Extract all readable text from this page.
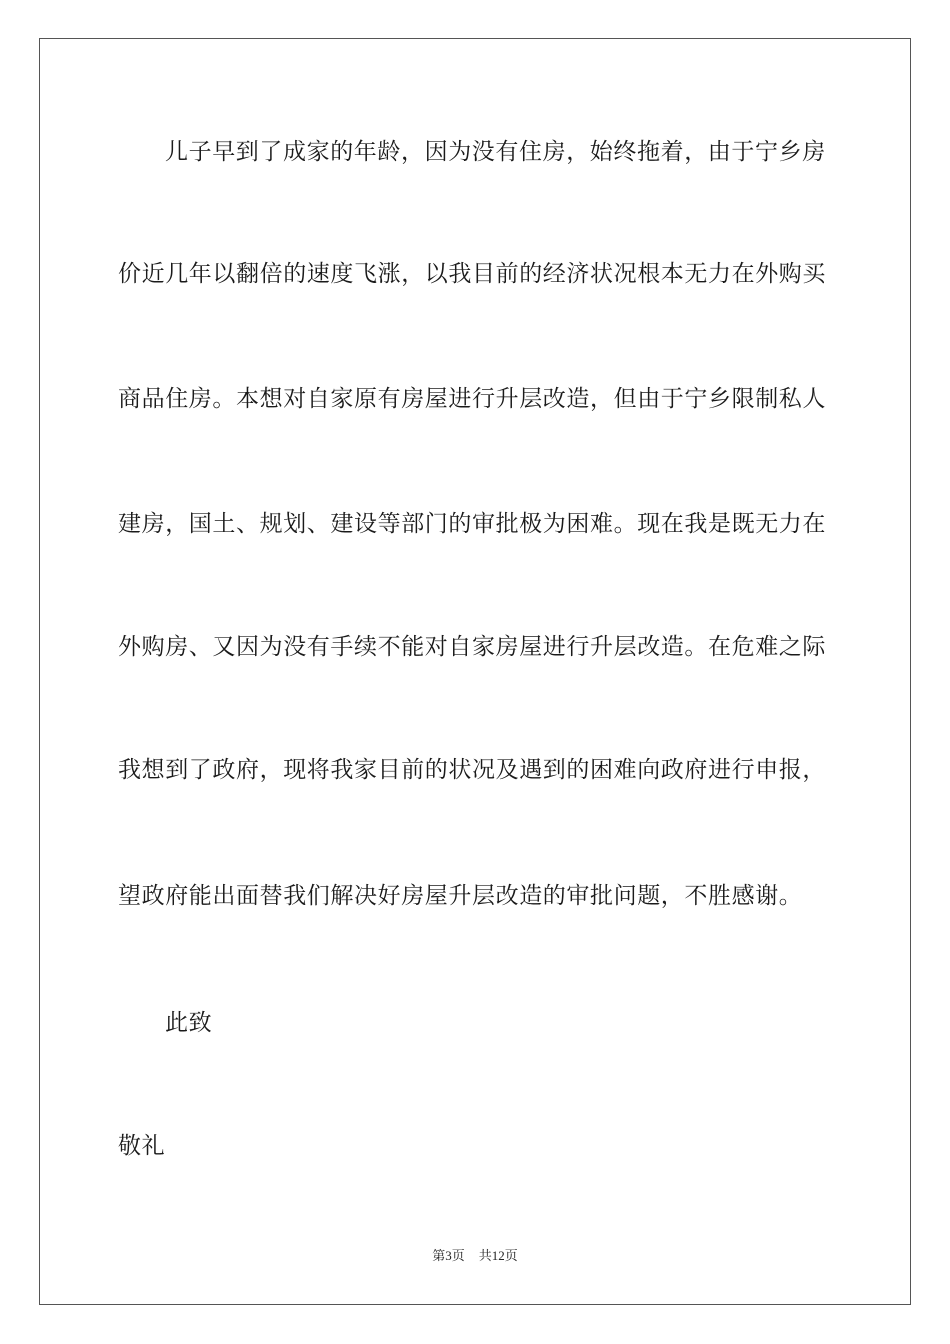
儿子早到了成家的年龄，因为没有住房，始终拖着，由于宁乡房
价近几年以翻倍的速度飞涨，以我目前的经济状况根本无力在外购买
商品住房。本想对自家原有房屋进行升层改造，但由于宁乡限制私人
建房，国土、规划、建设等部门的审批极为困难。现在我是既无力在
外购房、又因为没有手续不能对自家房屋进行升层改造。在危难之际
我想到了政府，现将我家目前的状况及遇到的困难向政府进行申报，
望政府能出面替我们解决好房屋升层改造的审批问题，不胜感谢。
此致
敬礼
第3页 共12页
